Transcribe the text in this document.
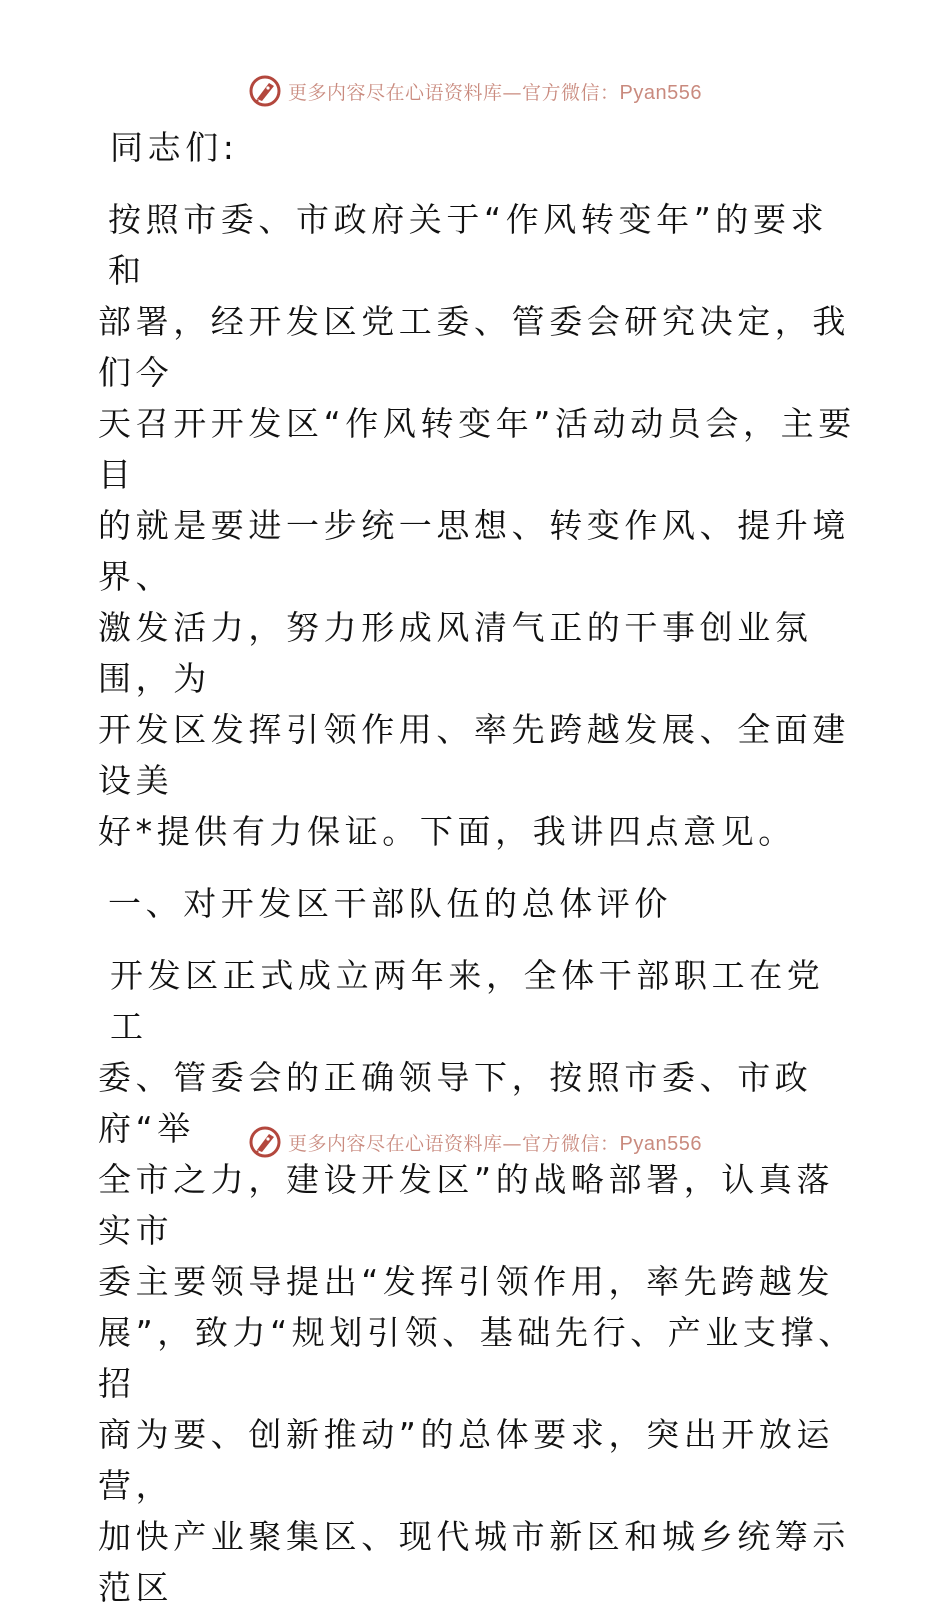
更多内容尽在心语资料库—官方微信：Pyan556

同志们:

按照市委、市政府关于“作风转变年”的要求和

部署，经开发区党工委、管委会研究决定，我们今

天召开开发区“作风转变年”活动动员会，主要目

的就是要进一步统一思想、转变作风、提升境界、

激发活力，努力形成风清气正的干事创业氛围，为

开发区发挥引领作用、率先跨越发展、全面建设美

好*提供有力保证。下面，我讲四点意见。

一、对开发区干部队伍的总体评价

开发区正式成立两年来，全体干部职工在党工

委、管委会的正确领导下，按照市委、市政府“举

全市之力，建设开发区”的战略部署，认真落实市

委主要领导提出“发挥引领作用，率先跨越发

展”，致力“规划引领、基础先行、产业支撑、招

商为要、创新推动”的总体要求，突出开放运营，

加快产业聚集区、现代城市新区和城乡统筹示范区

更多内容尽在心语资料库—官方微信：Pyan556
